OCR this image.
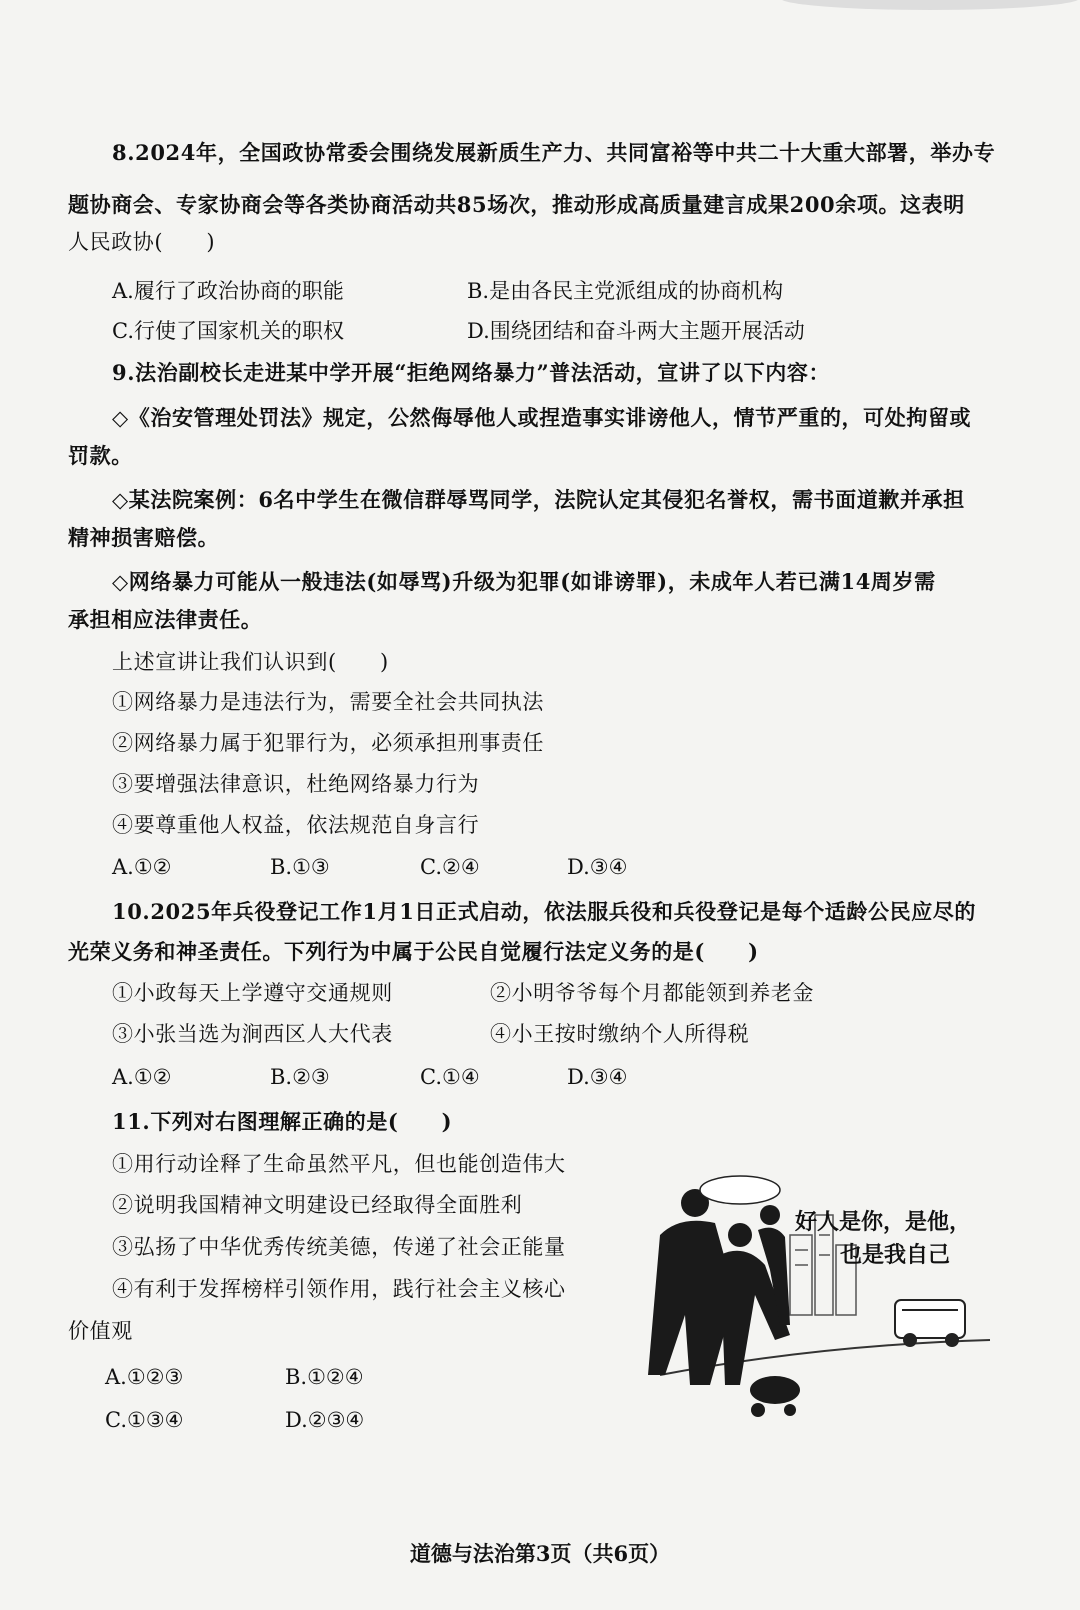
8.2024年，全国政协常委会围绕发展新质生产力、共同富裕等中共二十大重大部署，举办专
题协商会、专家协商会等各类协商活动共85场次，推动形成高质量建言成果200余项。这表明
人民政协(　　)
A.履行了政治协商的职能	B.是由各民主党派组成的协商机构
C.行使了国家机关的职权	D.围绕团结和奋斗两大主题开展活动
9.法治副校长走进某中学开展“拒绝网络暴力”普法活动，宣讲了以下内容：
◇《治安管理处罚法》规定，公然侮辱他人或捏造事实诽谤他人，情节严重的，可处拘留或
罚款。
◇某法院案例：6名中学生在微信群辱骂同学，法院认定其侵犯名誉权，需书面道歉并承担
精神损害赔偿。
◇网络暴力可能从一般违法(如辱骂)升级为犯罪(如诽谤罪)，未成年人若已满14周岁需
承担相应法律责任。
上述宣讲让我们认识到(　　)
①网络暴力是违法行为，需要全社会共同执法
②网络暴力属于犯罪行为，必须承担刑事责任
③要增强法律意识，杜绝网络暴力行为
④要尊重他人权益，依法规范自身言行
A.①②	B.①③	C.②④	D.③④
10.2025年兵役登记工作1月1日正式启动，依法服兵役和兵役登记是每个适龄公民应尽的
光荣义务和神圣责任。下列行为中属于公民自觉履行法定义务的是(　　)
①小政每天上学遵守交通规则	②小明爷爷每个月都能领到养老金
③小张当选为涧西区人大代表	④小王按时缴纳个人所得税
A.①②	B.②③	C.①④	D.③④
11.下列对右图理解正确的是(　　)
①用行动诠释了生命虽然平凡，但也能创造伟大
②说明我国精神文明建设已经取得全面胜利
③弘扬了中华优秀传统美德，传递了社会正能量
④有利于发挥榜样引领作用，践行社会主义核心
价值观
A.①②③	B.①②④
C.①③④	D.②③④
好人是你，是他，
也是我自己
道德与法治第3页（共6页）
